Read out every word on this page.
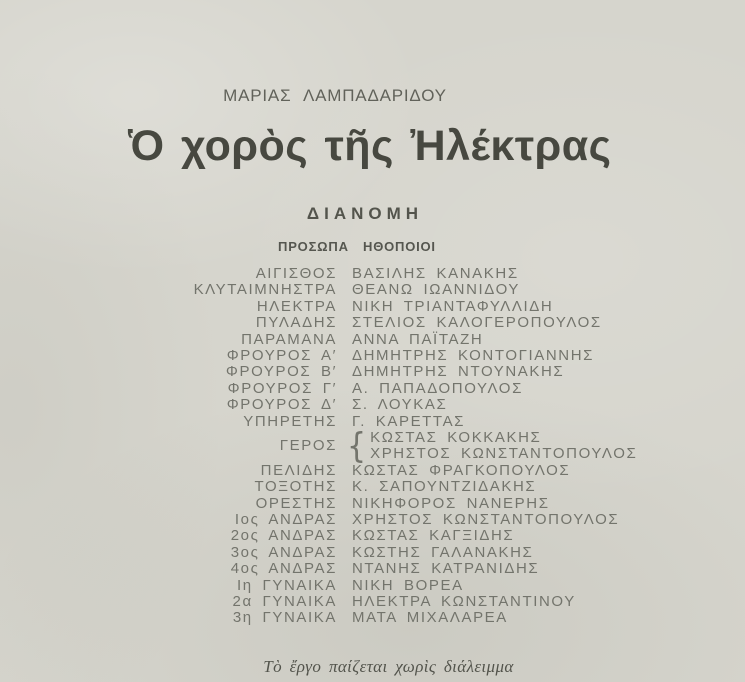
ΜΑΡΙΑΣ ΛΑΜΠΑΔΑΡΙΔΟΥ
Ὁ χορὸς τῆς Ἠλέκτρας
ΔΙΑΝΟΜΗ
ΠΡΟΣΩΠΑ ΗΘΟΠΟΙΟΙ
ΑΙΓΙΣΘΟΣ ΒΑΣΙΛΗΣ ΚΑΝΑΚΗΣ
ΚΛΥΤΑΙΜΝΗΣΤΡΑ ΘΕΑΝΩ ΙΩΑΝΝΙΔΟΥ
ΗΛΕΚΤΡΑ ΝΙΚΗ ΤΡΙΑΝΤΑΦΥΛΛΙΔΗ
ΠΥΛΑΔΗΣ ΣΤΕΛΙΟΣ ΚΑΛΟΓΕΡΟΠΟΥΛΟΣ
ΠΑΡΑΜΑΝΑ ΑΝΝΑ ΠΑΪΤΑΖΗ
ΦΡΟΥΡΟΣ Α′ ΔΗΜΗΤΡΗΣ ΚΟΝΤΟΓΙΑΝΝΗΣ
ΦΡΟΥΡΟΣ Β′ ΔΗΜΗΤΡΗΣ ΝΤΟΥΝΑΚΗΣ
ΦΡΟΥΡΟΣ Γ′ Α. ΠΑΠΑΔΟΠΟΥΛΟΣ
ΦΡΟΥΡΟΣ Δ′ Σ. ΛΟΥΚΑΣ
ΥΠΗΡΕΤΗΣ Γ. ΚΑΡΕΤΤΑΣ
ΓΕΡΟΣ { ΚΩΣΤΑΣ ΚΟΚΚΑΚΗΣ
ΧΡΗΣΤΟΣ ΚΩΝΣΤΑΝΤΟΠΟΥΛΟΣ
ΠΕΛΙΔΗΣ ΚΩΣΤΑΣ ΦΡΑΓΚΟΠΟΥΛΟΣ
ΤΟΞΟΤΗΣ Κ. ΣΑΠΟΥΝΤΖΙΔΑΚΗΣ
ΟΡΕΣΤΗΣ ΝΙΚΗΦΟΡΟΣ ΝΑΝΕΡΗΣ
Ιος ΑΝΔΡΑΣ ΧΡΗΣΤΟΣ ΚΩΝΣΤΑΝΤΟΠΟΥΛΟΣ
2ος ΑΝΔΡΑΣ ΚΩΣΤΑΣ ΚΑΓΞΙΔΗΣ
3ος ΑΝΔΡΑΣ ΚΩΣΤΗΣ ΓΑΛΑΝΑΚΗΣ
4ος ΑΝΔΡΑΣ ΝΤΑΝΗΣ ΚΑΤΡΑΝΙΔΗΣ
Ιη ΓΥΝΑΙΚΑ ΝΙΚΗ ΒΟΡΕΑ
2α ΓΥΝΑΙΚΑ ΗΛΕΚΤΡΑ ΚΩΝΣΤΑΝΤΙΝΟΥ
3η ΓΥΝΑΙΚΑ ΜΑΤΑ ΜΙΧΑΛΑΡΕΑ
Τὸ ἔργο παίζεται χωρὶς διάλειμμα
